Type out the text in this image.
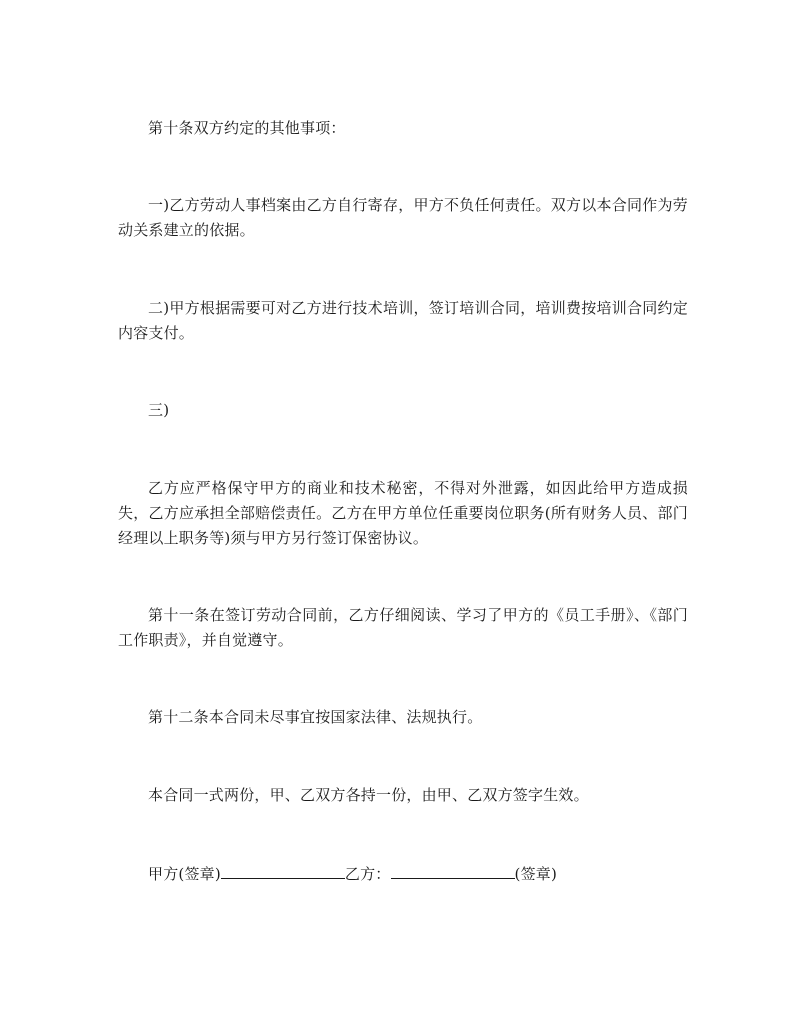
第十条双方约定的其他事项：

一)乙方劳动人事档案由乙方自行寄存，甲方不负任何责任。双方以本合同作为劳动关系建立的依据。

二)甲方根据需要可对乙方进行技术培训，签订培训合同，培训费按培训合同约定内容支付。

三)

乙方应严格保守甲方的商业和技术秘密，不得对外泄露，如因此给甲方造成损失，乙方应承担全部赔偿责任。乙方在甲方单位任重要岗位职务(所有财务人员、部门经理以上职务等)须与甲方另行签订保密协议。

第十一条在签订劳动合同前，乙方仔细阅读、学习了甲方的《员工手册》、《部门工作职责》，并自觉遵守。

第十二条本合同未尽事宜按国家法律、法规执行。

本合同一式两份，甲、乙双方各持一份，由甲、乙双方签字生效。

甲方(签章)	乙方：	(签章)
